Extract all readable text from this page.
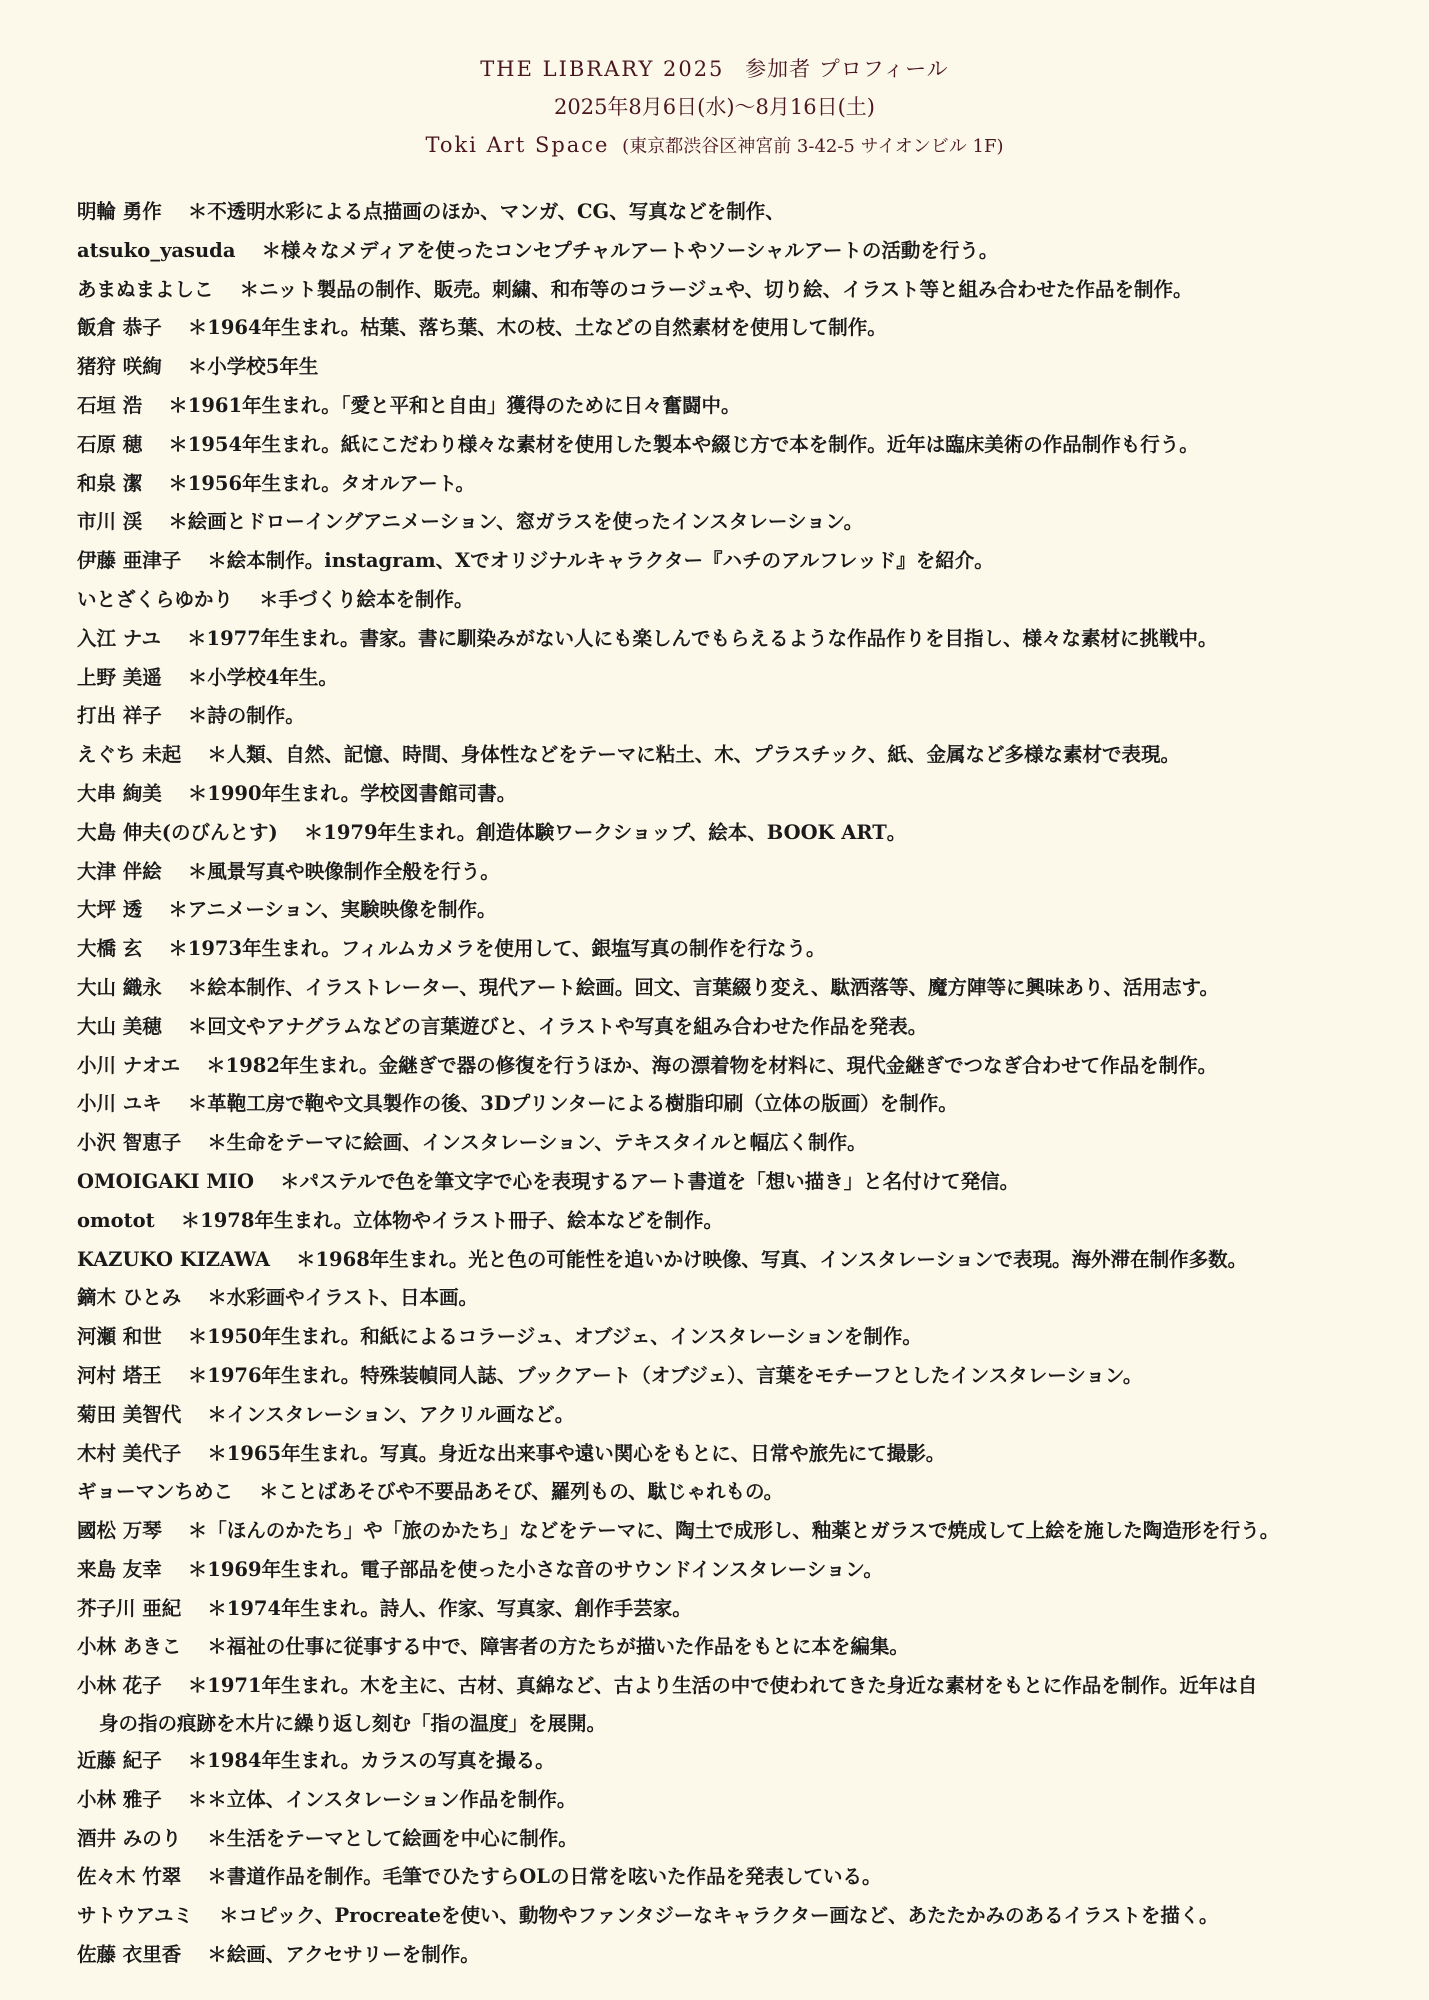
THE LIBRARY 2025 参加者 プロフィール
2025年8月6日(水)〜8月16日(土)
Toki Art Space (東京都渋谷区神宮前 3-42-5 サイオンビル 1F)
明輪 勇作 ＊不透明水彩による点描画のほか、マンガ、CG、写真などを制作、
atsuko_yasuda ＊様々なメディアを使ったコンセプチャルアートやソーシャルアートの活動を行う。
あまぬまよしこ ＊ニット製品の制作、販売。刺繍、和布等のコラージュや、切り絵、イラスト等と組み合わせた作品を制作。
飯倉 恭子 ＊1964年生まれ。枯葉、落ち葉、木の枝、土などの自然素材を使用して制作。
猪狩 咲絢 ＊小学校5年生
石垣 浩 ＊1961年生まれ。「愛と平和と自由」獲得のために日々奮闘中。
石原 穂 ＊1954年生まれ。紙にこだわり様々な素材を使用した製本や綴じ方で本を制作。近年は臨床美術の作品制作も行う。
和泉 潔 ＊1956年生まれ。タオルアート。
市川 渓 ＊絵画とドローイングアニメーション、窓ガラスを使ったインスタレーション。
伊藤 亜津子 ＊絵本制作。instagram、Xでオリジナルキャラクター『ハチのアルフレッド』を紹介。
いとざくらゆかり ＊手づくり絵本を制作。
入江 ナユ ＊1977年生まれ。書家。書に馴染みがない人にも楽しんでもらえるような作品作りを目指し、様々な素材に挑戦中。
上野 美遥 ＊小学校4年生。
打出 祥子 ＊詩の制作。
えぐち 未起 ＊人類、自然、記憶、時間、身体性などをテーマに粘土、木、プラスチック、紙、金属など多様な素材で表現。
大串 絢美 ＊1990年生まれ。学校図書館司書。
大島 伸夫(のびんとす) ＊1979年生まれ。創造体験ワークショップ、絵本、BOOK ART。
大津 伴絵 ＊風景写真や映像制作全般を行う。
大坪 透 ＊アニメーション、実験映像を制作。
大橋 玄 ＊1973年生まれ。フィルムカメラを使用して、銀塩写真の制作を行なう。
大山 織永 ＊絵本制作、イラストレーター、現代アート絵画。回文、言葉綴り変え、駄洒落等、魔方陣等に興味あり、活用志す。
大山 美穂 ＊回文やアナグラムなどの言葉遊びと、イラストや写真を組み合わせた作品を発表。
小川 ナオエ ＊1982年生まれ。金継ぎで器の修復を行うほか、海の漂着物を材料に、現代金継ぎでつなぎ合わせて作品を制作。
小川 ユキ ＊革鞄工房で鞄や文具製作の後、3Dプリンターによる樹脂印刷（立体の版画）を制作。
小沢 智恵子 ＊生命をテーマに絵画、インスタレーション、テキスタイルと幅広く制作。
OMOIGAKI MIO ＊パステルで色を筆文字で心を表現するアート書道を「想い描き」と名付けて発信。
omotot ＊1978年生まれ。立体物やイラスト冊子、絵本などを制作。
KAZUKO KIZAWA ＊1968年生まれ。光と色の可能性を追いかけ映像、写真、インスタレーションで表現。海外滞在制作多数。
鏑木 ひとみ ＊水彩画やイラスト、日本画。
河瀬 和世 ＊1950年生まれ。和紙によるコラージュ、オブジェ、インスタレーションを制作。
河村 塔王 ＊1976年生まれ。特殊装幀同人誌、ブックアート（オブジェ）、言葉をモチーフとしたインスタレーション。
菊田 美智代 ＊インスタレーション、アクリル画など。
木村 美代子 ＊1965年生まれ。写真。身近な出来事や遠い関心をもとに、日常や旅先にて撮影。
ギョーマンちめこ ＊ことばあそびや不要品あそび、羅列もの、駄じゃれもの。
國松 万琴 ＊「ほんのかたち」や「旅のかたち」などをテーマに、陶土で成形し、釉薬とガラスで焼成して上絵を施した陶造形を行う。
来島 友幸 ＊1969年生まれ。電子部品を使った小さな音のサウンドインスタレーション。
芥子川 亜紀 ＊1974年生まれ。詩人、作家、写真家、創作手芸家。
小林 あきこ ＊福祉の仕事に従事する中で、障害者の方たちが描いた作品をもとに本を編集。
小林 花子 ＊1971年生まれ。木を主に、古材、真綿など、古より生活の中で使われてきた身近な素材をもとに作品を制作。近年は自
身の指の痕跡を木片に繰り返し刻む「指の温度」を展開。
近藤 紀子 ＊1984年生まれ。カラスの写真を撮る。
小林 雅子 ＊＊立体、インスタレーション作品を制作。
酒井 みのり ＊生活をテーマとして絵画を中心に制作。
佐々木 竹翠 ＊書道作品を制作。毛筆でひたすらOLの日常を呟いた作品を発表している。
サトウアユミ ＊コピック、Procreateを使い、動物やファンタジーなキャラクター画など、あたたかみのあるイラストを描く。
佐藤 衣里香 ＊絵画、アクセサリーを制作。
